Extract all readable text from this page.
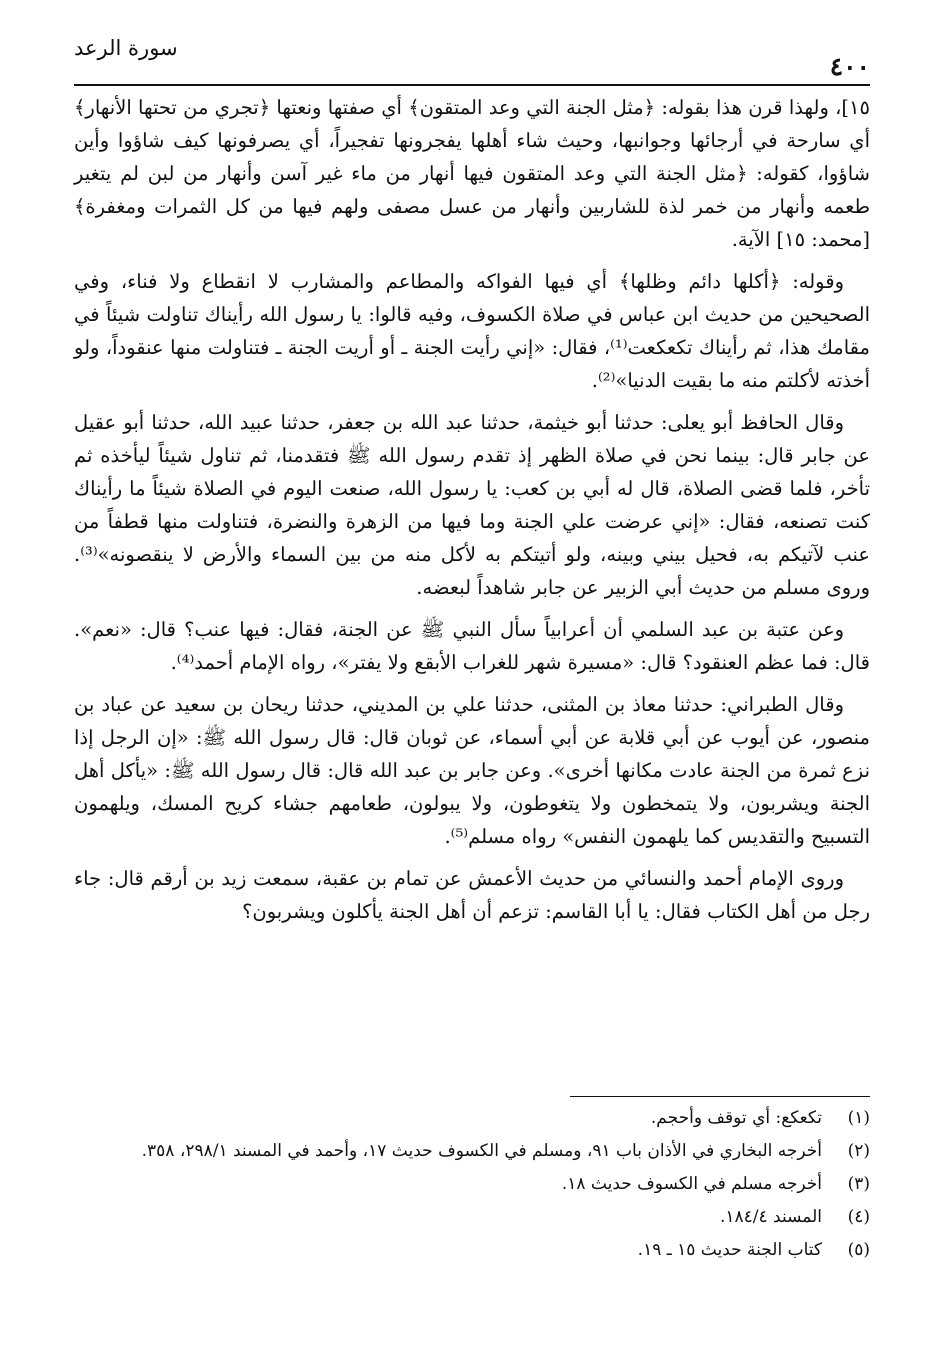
سورة الرعد
٤٠٠

١٥]، ولهذا قرن هذا بقوله: ﴿مثل الجنة التي وعد المتقون﴾ أي صفتها ونعتها ﴿تجري من تحتها الأنهار﴾ أي سارحة في أرجائها وجوانبها، وحيث شاء أهلها يفجرونها تفجيراً، أي يصرفونها كيف شاؤوا وأين شاؤوا، كقوله: ﴿مثل الجنة التي وعد المتقون فيها أنهار من ماء غير آسن وأنهار من لبن لم يتغير طعمه وأنهار من خمر لذة للشاربين وأنهار من عسل مصفى ولهم فيها من كل الثمرات ومغفرة﴾ [محمد: ١٥] الآية.

وقوله: ﴿أكلها دائم وظلها﴾ أي فيها الفواكه والمطاعم والمشارب لا انقطاع ولا فناء، وفي الصحيحين من حديث ابن عباس في صلاة الكسوف، وفيه قالوا: يا رسول الله رأيناك تناولت شيئاً في مقامك هذا، ثم رأيناك تكعكعت⁽¹⁾، فقال: «إني رأيت الجنة ـ أو أريت الجنة ـ فتناولت منها عنقوداً، ولو أخذته لأكلتم منه ما بقيت الدنيا»⁽²⁾.

وقال الحافظ أبو يعلى: حدثنا أبو خيثمة، حدثنا عبد الله بن جعفر، حدثنا عبيد الله، حدثنا أبو عقيل عن جابر قال: بينما نحن في صلاة الظهر إذ تقدم رسول الله ﷺ فتقدمنا، ثم تناول شيئاً ليأخذه ثم تأخر، فلما قضى الصلاة، قال له أبي بن كعب: يا رسول الله، صنعت اليوم في الصلاة شيئاً ما رأيناك كنت تصنعه، فقال: «إني عرضت علي الجنة وما فيها من الزهرة والنضرة، فتناولت منها قطفاً من عنب لآتيكم به، فحيل بيني وبينه، ولو أتيتكم به لأكل منه من بين السماء والأرض لا ينقصونه»⁽³⁾. وروى مسلم من حديث أبي الزبير عن جابر شاهداً لبعضه.

وعن عتبة بن عبد السلمي أن أعرابياً سأل النبي ﷺ عن الجنة، فقال: فيها عنب؟ قال: «نعم». قال: فما عظم العنقود؟ قال: «مسيرة شهر للغراب الأبقع ولا يفتر»، رواه الإمام أحمد⁽⁴⁾.

وقال الطبراني: حدثنا معاذ بن المثنى، حدثنا علي بن المديني، حدثنا ريحان بن سعيد عن عباد بن منصور، عن أيوب عن أبي قلابة عن أبي أسماء، عن ثوبان قال: قال رسول الله ﷺ: «إن الرجل إذا نزع ثمرة من الجنة عادت مكانها أخرى». وعن جابر بن عبد الله قال: قال رسول الله ﷺ: «يأكل أهل الجنة ويشربون، ولا يتمخطون ولا يتغوطون، ولا يبولون، طعامهم جشاء كريح المسك، ويلهمون التسبيح والتقديس كما يلهمون النفس» رواه مسلم⁽⁵⁾.

وروى الإمام أحمد والنسائي من حديث الأعمش عن تمام بن عقبة، سمعت زيد بن أرقم قال: جاء رجل من أهل الكتاب فقال: يا أبا القاسم: تزعم أن أهل الجنة يأكلون ويشربون؟

(١)
تكعكع: أي توقف وأحجم.
(٢)
أخرجه البخاري في الأذان باب ٩١، ومسلم في الكسوف حديث ١٧، وأحمد في المسند ٢٩٨/١، ٣٥٨.
(٣)
أخرجه مسلم في الكسوف حديث ١٨.
(٤)
المسند ١٨٤/٤.
(٥)
كتاب الجنة حديث ١٥ ـ ١٩.
